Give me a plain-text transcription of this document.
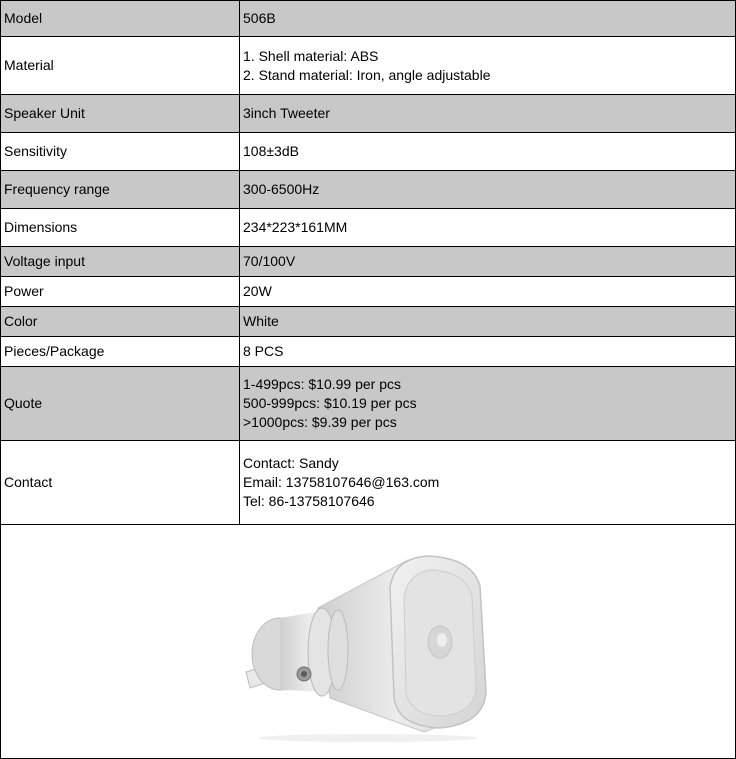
Model	506B

Material	1. Shell material: ABS
2. Stand material: Iron, angle adjustable

Speaker Unit	3inch Tweeter

Sensitivity	108±3dB

Frequency range	300-6500Hz

Dimensions	234*223*161MM

Voltage input	70/100V

Power	20W

Color	White

Pieces/Package	8 PCS

Quote	1-499pcs: $10.99 per pcs
500-999pcs: $10.19 per pcs
>1000pcs: $9.39 per pcs

Contact	Contact: Sandy
Email: 13758107646@163.com
Tel: 86-13758107646
